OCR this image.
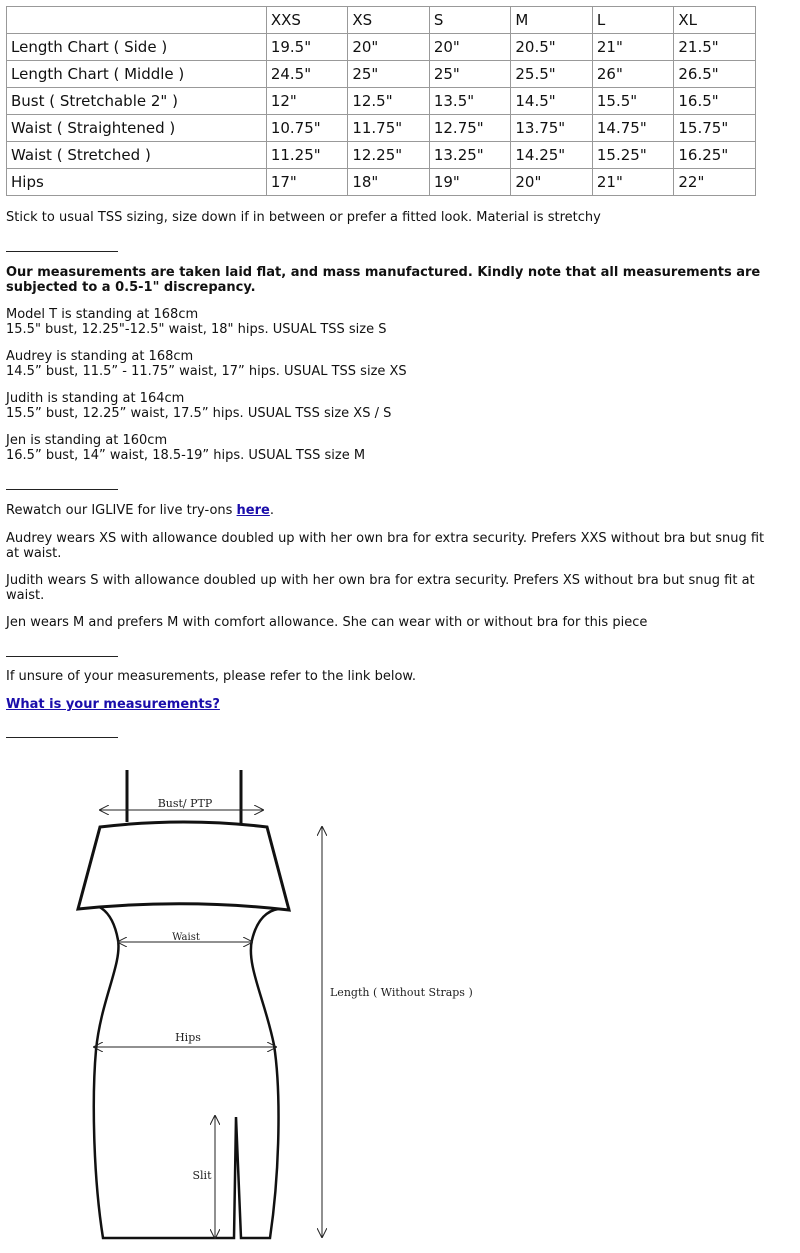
	XXS	XS	S	M	L	XL
Length Chart ( Side )	19.5"	20"	20"	20.5"	21"	21.5"
Length Chart ( Middle )	24.5"	25"	25"	25.5"	26"	26.5"
Bust ( Stretchable 2" )	12"	12.5"	13.5"	14.5"	15.5"	16.5"
Waist ( Straightened )	10.75"	11.75"	12.75"	13.75"	14.75"	15.75"
Waist ( Stretched )	11.25"	12.25"	13.25"	14.25"	15.25"	16.25"
Hips	17"	18"	19"	20"	21"	22"

Stick to usual TSS sizing, size down if in between or prefer a fitted look. Material is stretchy

Our measurements are taken laid flat, and mass manufactured. Kindly note that all measurements are subjected to a 0.5-1" discrepancy.

Model T is standing at 168cm
15.5" bust, 12.25"-12.5" waist, 18" hips. USUAL TSS size S
Audrey is standing at 168cm
14.5” bust, 11.5” - 11.75” waist, 17” hips. USUAL TSS size XS
Judith is standing at 164cm
15.5” bust, 12.25” waist, 17.5” hips. USUAL TSS size XS / S
Jen is standing at 160cm
16.5” bust, 14” waist, 18.5-19” hips. USUAL TSS size M

Rewatch our IGLIVE for live try-ons here.

Audrey wears XS with allowance doubled up with her own bra for extra security. Prefers XXS without bra but snug fit at waist.

Judith wears S with allowance doubled up with her own bra for extra security. Prefers XS without bra but snug fit at waist.

Jen wears M and prefers M with comfort allowance. She can wear with or without bra for this piece

If unsure of your measurements, please refer to the link below.

What is your measurements?

Bust/ PTP
Waist
Hips
Slit
Length ( Without Straps )
